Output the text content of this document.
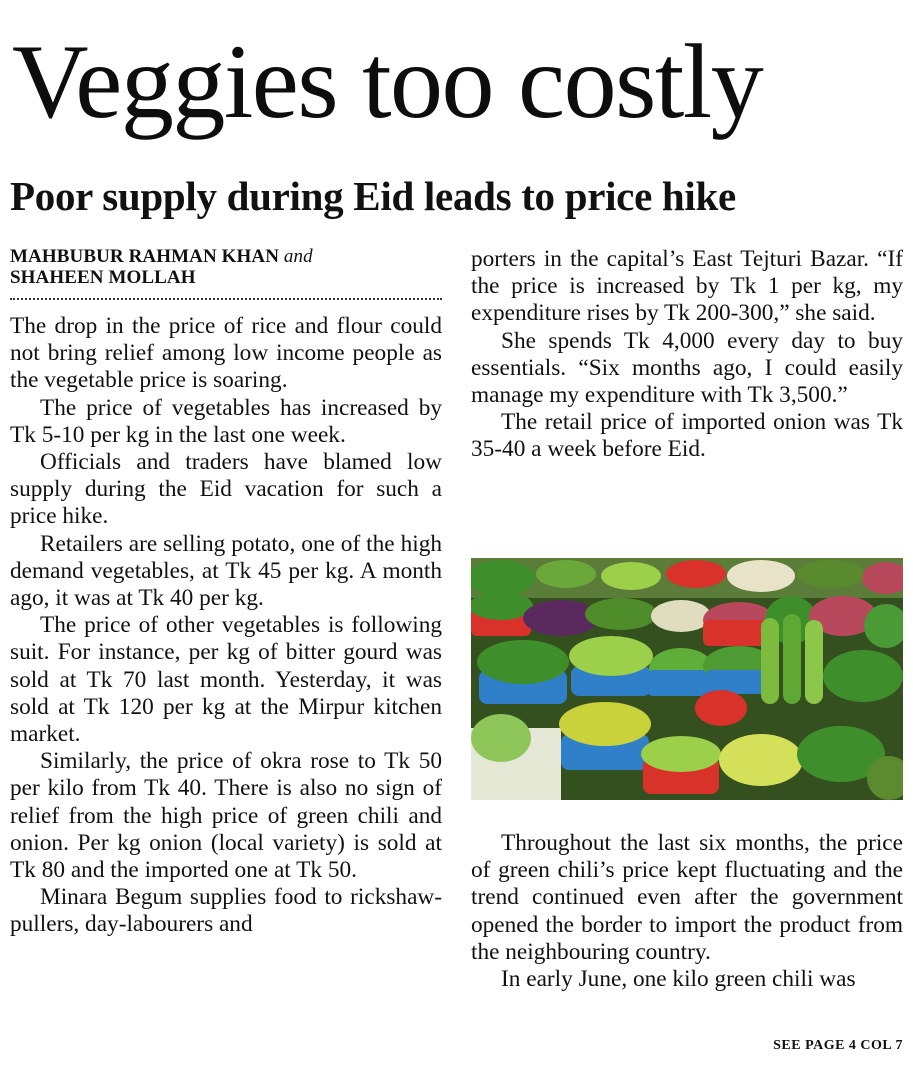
Veggies too costly
Poor supply during Eid leads to price hike
MAHBUBUR RAHMAN KHAN and
SHAHEEN MOLLAH

The drop in the price of rice and flour could not bring relief among low income people as the vegetable price is soaring.

The price of vegetables has increased by Tk 5-10 per kg in the last one week.

Officials and traders have blamed low supply during the Eid vacation for such a price hike.

Retailers are selling potato, one of the high demand vegetables, at Tk 45 per kg. A month ago, it was at Tk 40 per kg.

The price of other vegetables is following suit. For instance, per kg of bitter gourd was sold at Tk 70 last month. Yesterday, it was sold at Tk 120 per kg at the Mirpur kitchen market.

Similarly, the price of okra rose to Tk 50 per kilo from Tk 40. There is also no sign of relief from the high price of green chili and onion. Per kg onion (local variety) is sold at Tk 80 and the imported one at Tk 50.

Minara Begum supplies food to rickshaw-pullers, day-labourers and

porters in the capital’s East Tejturi Bazar. “If the price is increased by Tk 1 per kg, my expenditure rises by Tk 200-300,” she said.

She spends Tk 4,000 every day to buy essentials. “Six months ago, I could easily manage my expenditure with Tk 3,500.”

The retail price of imported onion was Tk 35-40 a week before Eid.

Throughout the last six months, the price of green chili’s price kept fluctuating and the trend continued even after the government opened the border to import the product from the neighbouring country.

In early June, one kilo green chili was

SEE PAGE 4 COL 7
